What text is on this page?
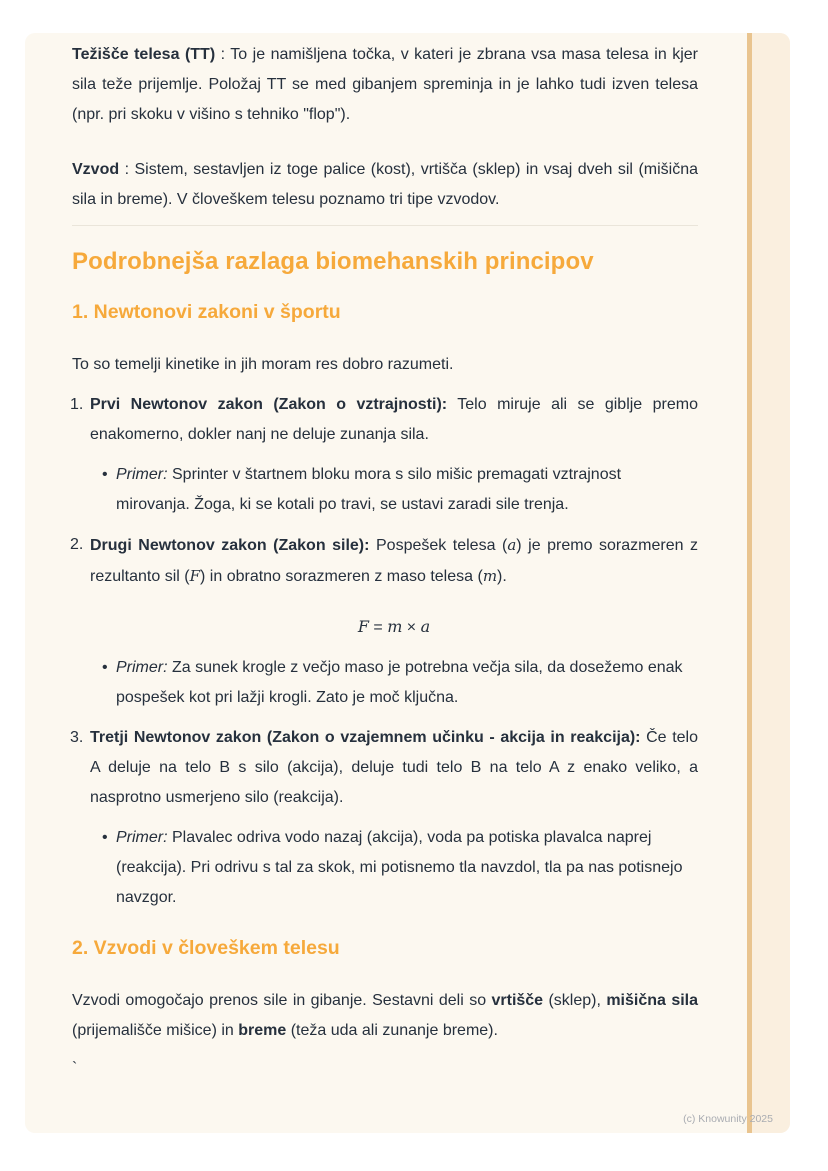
Težišče telesa (TT) : To je namišljena točka, v kateri je zbrana vsa masa telesa in kjer sila teže prijemlje. Položaj TT se med gibanjem spreminja in je lahko tudi izven telesa (npr. pri skoku v višino s tehniko "flop").
Vzvod : Sistem, sestavljen iz toge palice (kost), vrtišča (sklep) in vsaj dveh sil (mišična sila in breme). V človeškem telesu poznamo tri tipe vzvodov.
Podrobnejša razlaga biomehanskih principov
1. Newtonovi zakoni v športu
To so temelji kinetike in jih moram res dobro razumeti.
1. Prvi Newtonov zakon (Zakon o vztrajnosti): Telo miruje ali se giblje premo enakomerno, dokler nanj ne deluje zunanja sila.
• Primer: Sprinter v štartnem bloku mora s silo mišic premagati vztrajnost mirovanja. Žoga, ki se kotali po travi, se ustavi zaradi sile trenja.
2. Drugi Newtonov zakon (Zakon sile): Pospešek telesa (a) je premo sorazmeren z rezultanto sil (F) in obratno sorazmeren z maso telesa (m).
F = m × a
• Primer: Za sunek krogle z večjo maso je potrebna večja sila, da dosežemo enak pospešek kot pri lažji krogli. Zato je moč ključna.
3. Tretji Newtonov zakon (Zakon o vzajemnem učinku - akcija in reakcija): Če telo A deluje na telo B s silo (akcija), deluje tudi telo B na telo A z enako veliko, a nasprotno usmerjeno silo (reakcija).
• Primer: Plavalec odriva vodo nazaj (akcija), voda pa potiska plavalca naprej (reakcija). Pri odrivu s tal za skok, mi potisnemo tla navzdol, tla pa nas potisnejo navzgor.
2. Vzvodi v človeškem telesu
Vzvodi omogočajo prenos sile in gibanje. Sestavni deli so vrtišče (sklep), mišična sila (prijemališče mišice) in breme (teža uda ali zunanje breme).
`
(c) Knowunity 2025
